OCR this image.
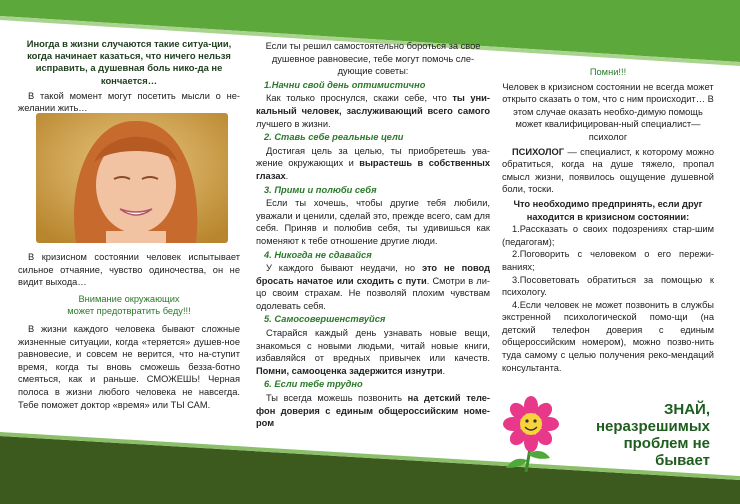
Иногда в жизни случаются такие ситуа-ции, когда начинает казаться, что ничего нельзя исправить, а душевная боль нико-да не кончается…

В такой момент могут посетить мысли о не-желании жить…

В кризисном состоянии человек испытывает сильное отчаяние, чувство одиночества, он не видит выхода…

Внимание окружающих

может предотвратить беду!!!

В жизни каждого человека бывают сложные жизненные ситуации, когда «теряется» душев-ное равновесие, и совсем не верится, что на-ступит время, когда ты вновь сможешь безза-ботно смеяться, как и раньше. СМОЖЕШЬ! Черная полоса в жизни любого человека не навсегда. Тебе поможет доктор «время» или ТЫ САМ.

Если ты решил самостоятельно бороться за свое душевное равновесие, тебе могут помочь сле-дующие советы:

1.Начни свой день оптимистично

Как только проснулся, скажи себе, что ты уни-кальный человек, заслуживающий всего самого лучшего в жизни.

2. Ставь себе реальные цели

Достигая цель за целью, ты приобретешь ува-жение окружающих и вырастешь в собственных глазах.

3. Прими и полюби себя

Если ты хочешь, чтобы другие тебя любили, уважали и ценили, сделай это, прежде всего, сам для себя. Приняв и полюбив себя, ты удивишься как поменяют к тебе отношение другие люди.

4. Никогда не сдавайся

У каждого бывают неудачи, но это не повод бросать начатое или сходить с пути. Смотри в ли-цо своим страхам. Не позволяй плохим чувствам одолевать себя.

5. Самосовершенствуйся

Старайся каждый день узнавать новые вещи, знакомься с новыми людьми, читай новые книги, избавляйся от вредных привычек или качеств. Помни, самооценка задержится изнутри.

6. Если тебе трудно

Ты всегда можешь позвонить на детский теле-фон доверия с единым общероссийским номе-ром

Помни!!!

Человек в кризисном состоянии не всегда может открыто сказать о том, что с ним происходит… В этом случае оказать необхо-димую помощь может квалифицирован-ный специалист—психолог

ПСИХОЛОГ — специалист, к которому можно обратиться, когда на душе тяжело, пропал смысл жизни, появилось ощущение душевной боли, тоски.

Что необходимо предпринять, если друг находится в кризисном состоянии:

1.Рассказать о своих подозрениях стар-шим (педагогам);

2.Поговорить с человеком о его пережи-ваниях;

3.Посоветовать обратиться за помощью к психологу.

4.Если человек не может позвонить в службы экстренной психологической помо-щи (на детский телефон доверия с единым общероссийским номером), можно позво-нить туда самому с целью получения реко-мендаций консультанта.

ЗНАЙ,
неразрешимых
проблем не
бывает
